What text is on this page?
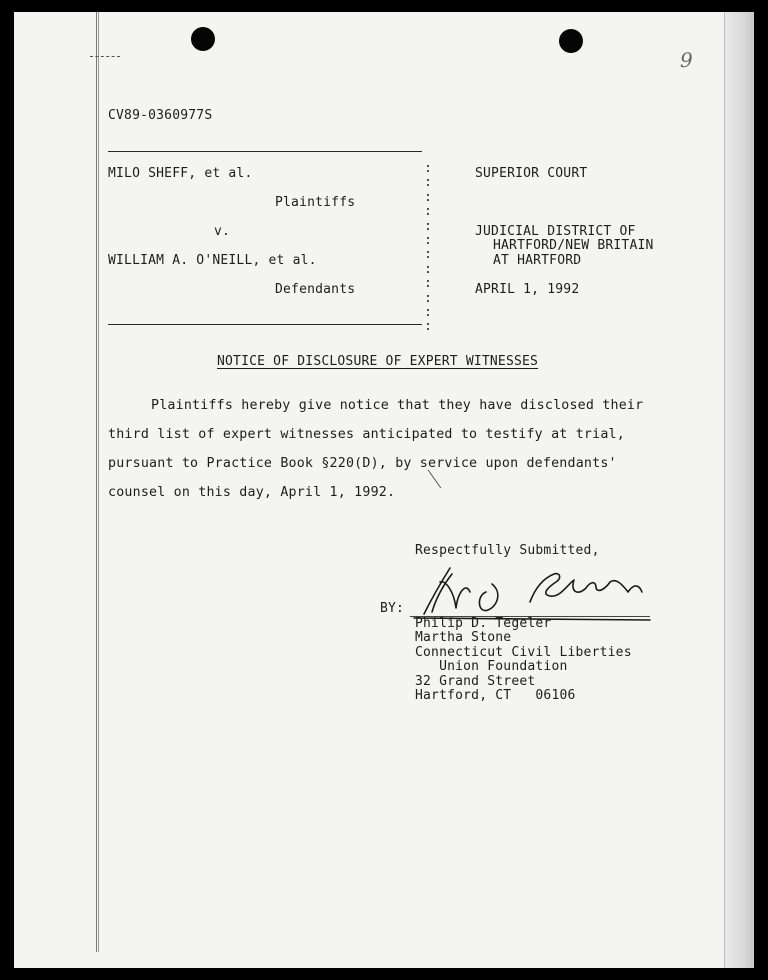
9
CV89-0360977S
:
:
:
:
:
:
:
:
:
:
:
:
MILO SHEFF, et al.
Plaintiffs
v.
WILLIAM A. O'NEILL, et al.
Defendants
SUPERIOR COURT
JUDICIAL DISTRICT OF
HARTFORD/NEW BRITAIN
AT HARTFORD
APRIL 1, 1992
NOTICE OF DISCLOSURE OF EXPERT WITNESSES
Plaintiffs hereby give notice that they have disclosed their
third list of expert witnesses anticipated to testify at trial,
pursuant to Practice Book §220(D), by service upon defendants'
counsel on this day, April 1, 1992.
Respectfully Submitted,
BY:
Philip D. Tegeler
Martha Stone
Connecticut Civil Liberties
Union Foundation
32 Grand Street
Hartford, CT   06106
